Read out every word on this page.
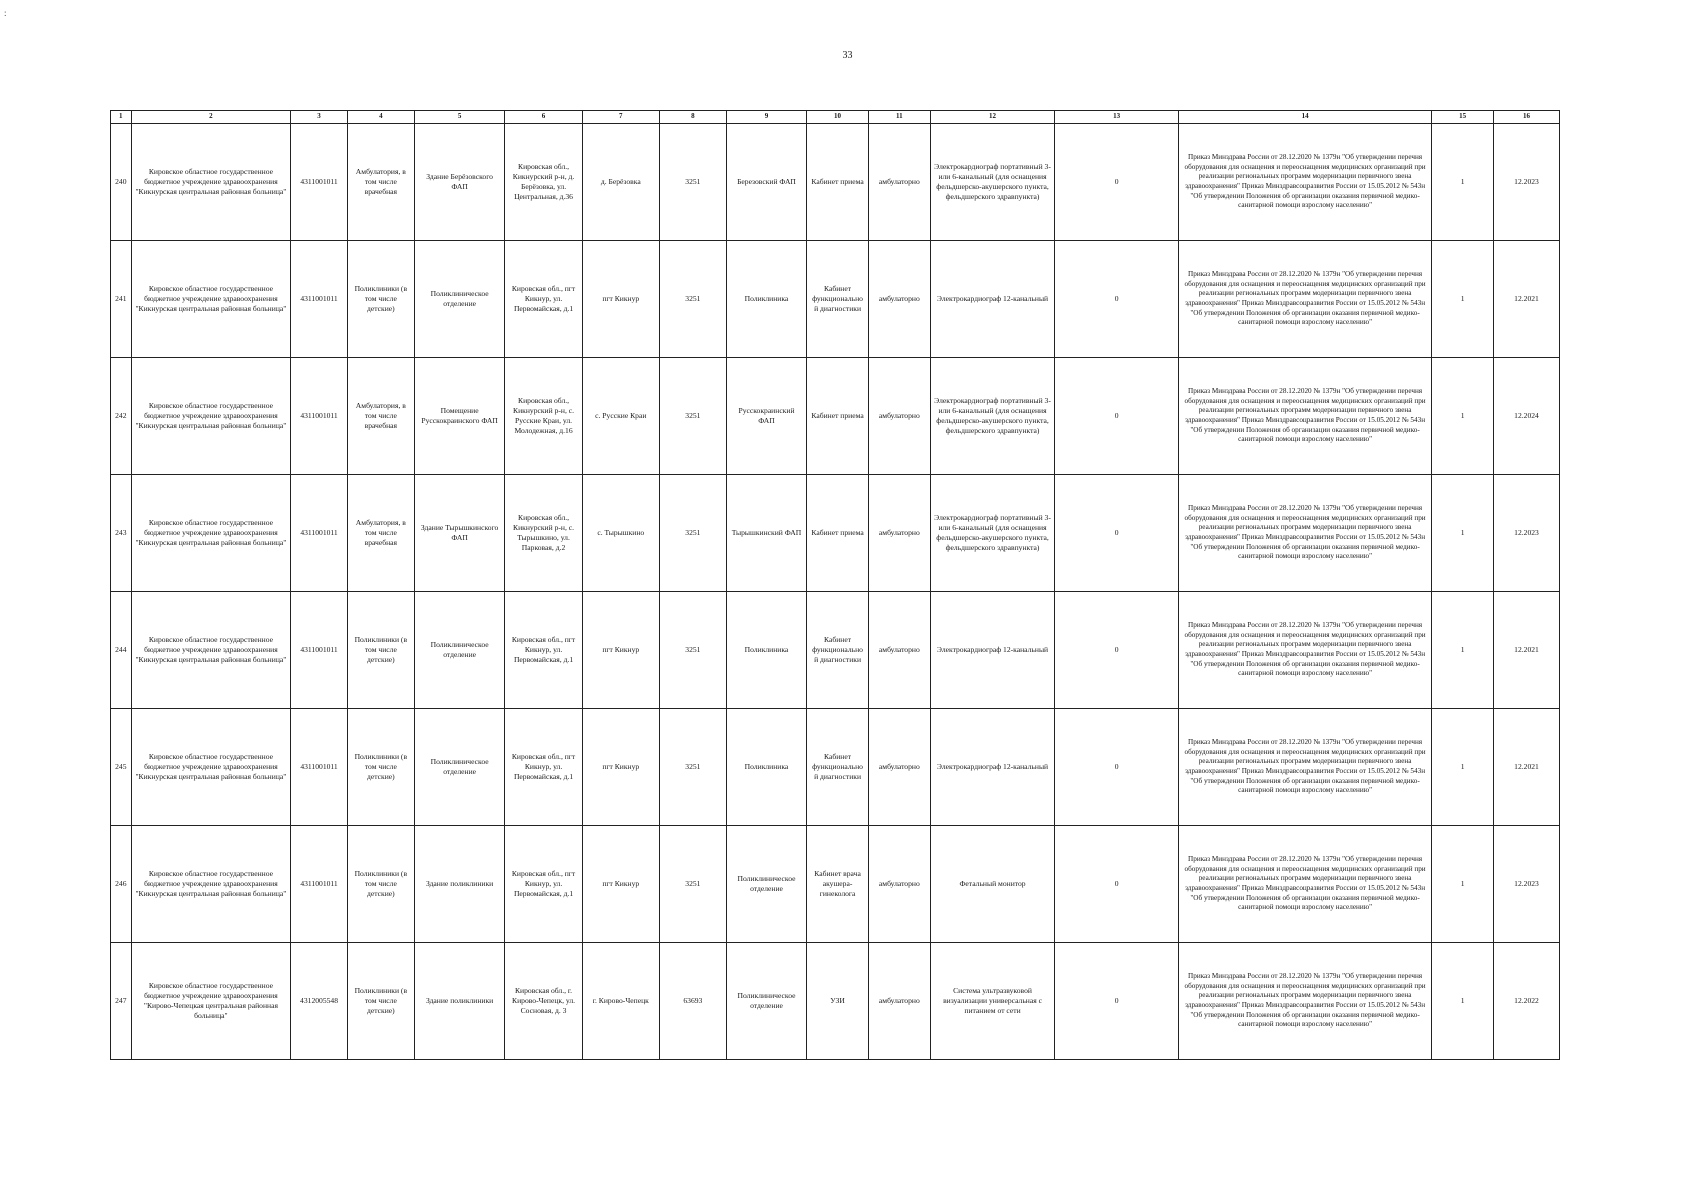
33
1	2	3	4	5	6	7	8	9	10	11	12	13	14	15	16
240	Кировское областное государственное бюджетное учреждение здравоохранения "Кикнурская центральная районная больница"	4311001011	Амбулатория, в том числе врачебная	Здание Берёзовского ФАП	Кировская обл., Кикнурский р-н, д. Берёзовка, ул. Центральная, д.36	д. Берёзовка	3251	Березовский ФАП	Кабинет приема	амбулаторно	Электрокардиограф портативный 3- или 6-канальный (для оснащения фельдшерско-акушерского пункта, фельдшерского здравпункта)	0	Приказ Минздрава России от 28.12.2020 № 1379н "Об утверждении перечня оборудования для оснащения и переоснащения медицинских организаций при реализации региональных программ модернизации первичного звена здравоохранения" Приказ Минздравсоцразвития России от 15.05.2012 № 543н "Об утверждении Положения об организации оказания первичной медико-санитарной помощи взрослому населению"	1	12.2023
241	Кировское областное государственное бюджетное учреждение здравоохранения "Кикнурская центральная районная больница"	4311001011	Поликлиники (в том числе детские)	Поликлиническое отделение	Кировская обл., пгт Кикнур, ул. Первомайская, д.1	пгт Кикнур	3251	Поликлиника	Кабинет функциональной диагностики	амбулаторно	Электрокардиограф 12-канальный	0	Приказ Минздрава России от 28.12.2020 № 1379н "Об утверждении перечня оборудования для оснащения и переоснащения медицинских организаций при реализации региональных программ модернизации первичного звена здравоохранения" Приказ Минздравсоцразвития России от 15.05.2012 № 543н "Об утверждении Положения об организации оказания первичной медико-санитарной помощи взрослому населению"	1	12.2021
242	Кировское областное государственное бюджетное учреждение здравоохранения "Кикнурская центральная районная больница"	4311001011	Амбулатория, в том числе врачебная	Помещение Русскокраинского ФАП	Кировская обл., Кикнурский р-н, с. Русские Краи, ул. Молодежная, д.16	с. Русские Краи	3251	Русскокраинский ФАП	Кабинет приема	амбулаторно	Электрокардиограф портативный 3- или 6-канальный (для оснащения фельдшерско-акушерского пункта, фельдшерского здравпункта)	0	Приказ Минздрава России от 28.12.2020 № 1379н "Об утверждении перечня оборудования для оснащения и переоснащения медицинских организаций при реализации региональных программ модернизации первичного звена здравоохранения" Приказ Минздравсоцразвития России от 15.05.2012 № 543н "Об утверждении Положения об организации оказания первичной медико-санитарной помощи взрослому населению"	1	12.2024
243	Кировское областное государственное бюджетное учреждение здравоохранения "Кикнурская центральная районная больница"	4311001011	Амбулатория, в том числе врачебная	Здание Тырышкинского ФАП	Кировская обл., Кикнурский р-н, с. Тырышкино, ул. Парковая, д.2	с. Тырышкино	3251	Тырышкинский ФАП	Кабинет приема	амбулаторно	Электрокардиограф портативный 3- или 6-канальный (для оснащения фельдшерско-акушерского пункта, фельдшерского здравпункта)	0	Приказ Минздрава России от 28.12.2020 № 1379н "Об утверждении перечня оборудования для оснащения и переоснащения медицинских организаций при реализации региональных программ модернизации первичного звена здравоохранения" Приказ Минздравсоцразвития России от 15.05.2012 № 543н "Об утверждении Положения об организации оказания первичной медико-санитарной помощи взрослому населению"	1	12.2023
244	Кировское областное государственное бюджетное учреждение здравоохранения "Кикнурская центральная районная больница"	4311001011	Поликлиники (в том числе детские)	Поликлиническое отделение	Кировская обл., пгт Кикнур, ул. Первомайская, д.1	пгт Кикнур	3251	Поликлиника	Кабинет функциональной диагностики	амбулаторно	Электрокардиограф 12-канальный	0	Приказ Минздрава России от 28.12.2020 № 1379н "Об утверждении перечня оборудования для оснащения и переоснащения медицинских организаций при реализации региональных программ модернизации первичного звена здравоохранения" Приказ Минздравсоцразвития России от 15.05.2012 № 543н "Об утверждении Положения об организации оказания первичной медико-санитарной помощи взрослому населению"	1	12.2021
245	Кировское областное государственное бюджетное учреждение здравоохранения "Кикнурская центральная районная больница"	4311001011	Поликлиники (в том числе детские)	Поликлиническое отделение	Кировская обл., пгт Кикнур, ул. Первомайская, д.1	пгт Кикнур	3251	Поликлиника	Кабинет функциональной диагностики	амбулаторно	Электрокардиограф 12-канальный	0	Приказ Минздрава России от 28.12.2020 № 1379н "Об утверждении перечня оборудования для оснащения и переоснащения медицинских организаций при реализации региональных программ модернизации первичного звена здравоохранения" Приказ Минздравсоцразвития России от 15.05.2012 № 543н "Об утверждении Положения об организации оказания первичной медико-санитарной помощи взрослому населению"	1	12.2021
246	Кировское областное государственное бюджетное учреждение здравоохранения "Кикнурская центральная районная больница"	4311001011	Поликлиники (в том числе детские)	Здание поликлиники	Кировская обл., пгт Кикнур, ул. Первомайская, д.1	пгт Кикнур	3251	Поликлиническое отделение	Кабинет врача акушера-гинеколога	амбулаторно	Фетальный монитор	0	Приказ Минздрава России от 28.12.2020 № 1379н "Об утверждении перечня оборудования для оснащения и переоснащения медицинских организаций при реализации региональных программ модернизации первичного звена здравоохранения" Приказ Минздравсоцразвития России от 15.05.2012 № 543н "Об утверждении Положения об организации оказания первичной медико-санитарной помощи взрослому населению"	1	12.2023
247	Кировское областное государственное бюджетное учреждение здравоохранения "Кирово-Чепецкая центральная районная больница"	4312005548	Поликлиники (в том числе детские)	Здание поликлиники	Кировская обл., г. Кирово-Чепецк, ул. Сосновая, д. 3	г. Кирово-Чепецк	63693	Поликлиническое отделение	УЗИ	амбулаторно	Система ультразвуковой визуализации универсальная с питанием от сети	0	Приказ Минздрава России от 28.12.2020 № 1379н "Об утверждении перечня оборудования для оснащения и переоснащения медицинских организаций при реализации региональных программ модернизации первичного звена здравоохранения" Приказ Минздравсоцразвития России от 15.05.2012 № 543н "Об утверждении Положения об организации оказания первичной медико-санитарной помощи взрослому населению"	1	12.2022
:
